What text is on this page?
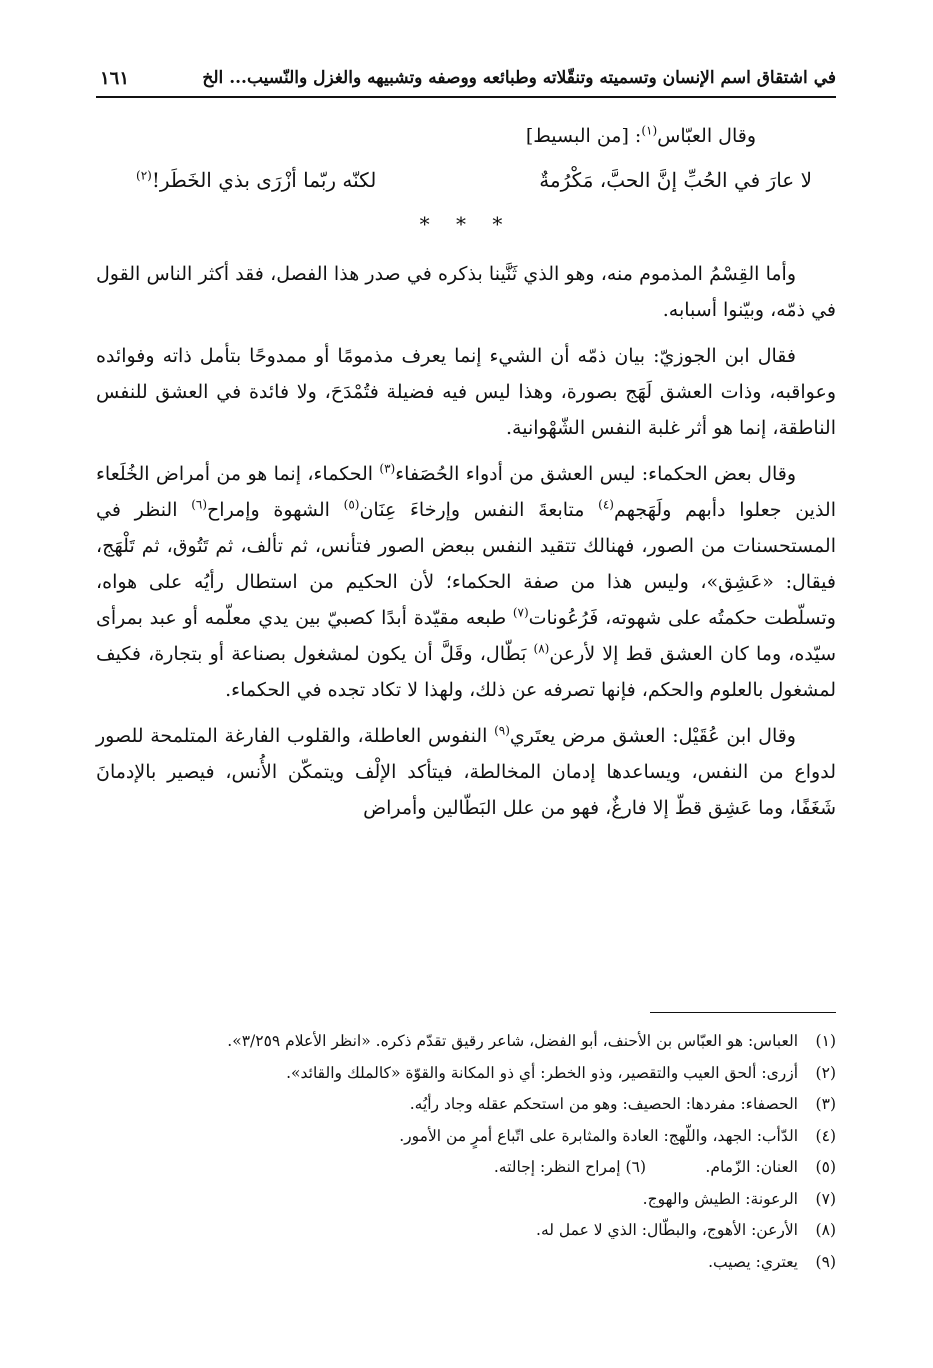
في اشتقاق اسم الإنسان وتسميته وتنقّلاته وطبائعه ووصفه وتشبيهه والغزل والنّسيب... الخ
١٦١
وقال العبّاس$^{(١)}$: [من البسيط]
لا عارَ في الحُبِّ إنَّ الحبَّ، مَكْرُمةٌ
لكنّه ربّما أزْرَى بذي الخَطَر!$^{(٢)}$
* * *

وأما القِسْمُ المذموم منه، وهو الذي ثَنَّينا بذكره في صدر هذا الفصل، فقد أكثر الناس القول في ذمّه، وبيّنوا أسبابه.

فقال ابن الجوزيّ: بيان ذمّه أن الشيء إنما يعرف مذمومًا أو ممدوحًا بتأمل ذاته وفوائده وعواقبه، وذات العشق لَهَج بصورة، وهذا ليس فيه فضيلة فتُمْدَحَ، ولا فائدة في العشق للنفس الناطقة، إنما هو أثر غلبة النفس الشّهْوانية.

وقال بعض الحكماء: ليس العشق من أدواء الحُصَفاء$^{(٣)}$ الحكماء، إنما هو من أمراض الخُلَعاء الذين جعلوا دأبهم ولَهَجهم$^{(٤)}$ متابعةَ النفس وإرخاءَ عِنَان$^{(٥)}$ الشهوة وإمراح$^{(٦)}$ النظر في المستحسنات من الصور، فهنالك تتقيد النفس ببعض الصور فتأنس، ثم تألف، ثم تَتُوق، ثم تَلْهَج، فيقال: «عَشِق»، وليس هذا من صفة الحكماء؛ لأن الحكيم من استطال رأيُه على هواه، وتسلّطت حكمتُه على شهوته، فَرُعُونات$^{(٧)}$ طبعه مقيّدة أبدًا كصبيّ بين يدي معلّمه أو عبد بمرأى سيّده، وما كان العشق قط إلا لأرعن$^{(٨)}$ بَطّال، وقَلَّ أن يكون لمشغول بصناعة أو بتجارة، فكيف لمشغول بالعلوم والحكم، فإنها تصرفه عن ذلك، ولهذا لا تكاد تجده في الحكماء.

وقال ابن عُقَيْل: العشق مرض يعتَري$^{(٩)}$ النفوس العاطلة، والقلوب الفارغة المتلمحة للصور لدواع من النفس، ويساعدها إدمان المخالطة، فيتأكد الإلْف ويتمكّن الأُنس، فيصير بالإدمانَ شَغَفًا، وما عَشِق قطّ إلا فارغٌ، فهو من علل البَطّالين وأمراض

(١)
العباس: هو العبّاس بن الأحنف، أبو الفضل، شاعر رقيق تقدّم ذكره. «انظر الأعلام ٣/٢٥٩».
(٢)
أزرى: ألحق العيب والتقصير، وذو الخطر: أي ذو المكانة والقوّة «كالملك والقائد».
(٣)
الحصفاء: مفردها: الحصيف: وهو من استحكم عقله وجاد رأيُه.
(٤)
الدّأب: الجهد، واللّهج: العادة والمثابرة على اتّباع أمرٍ من الأمور.
(٥)
العنان: الزّمام.
(٦) إمراح النظر: إجالته.
(٧)
الرعونة: الطيش والهوج.
(٨)
الأرعن: الأهوج، والبطّال: الذي لا عمل له.
(٩)
يعتري: يصيب.
